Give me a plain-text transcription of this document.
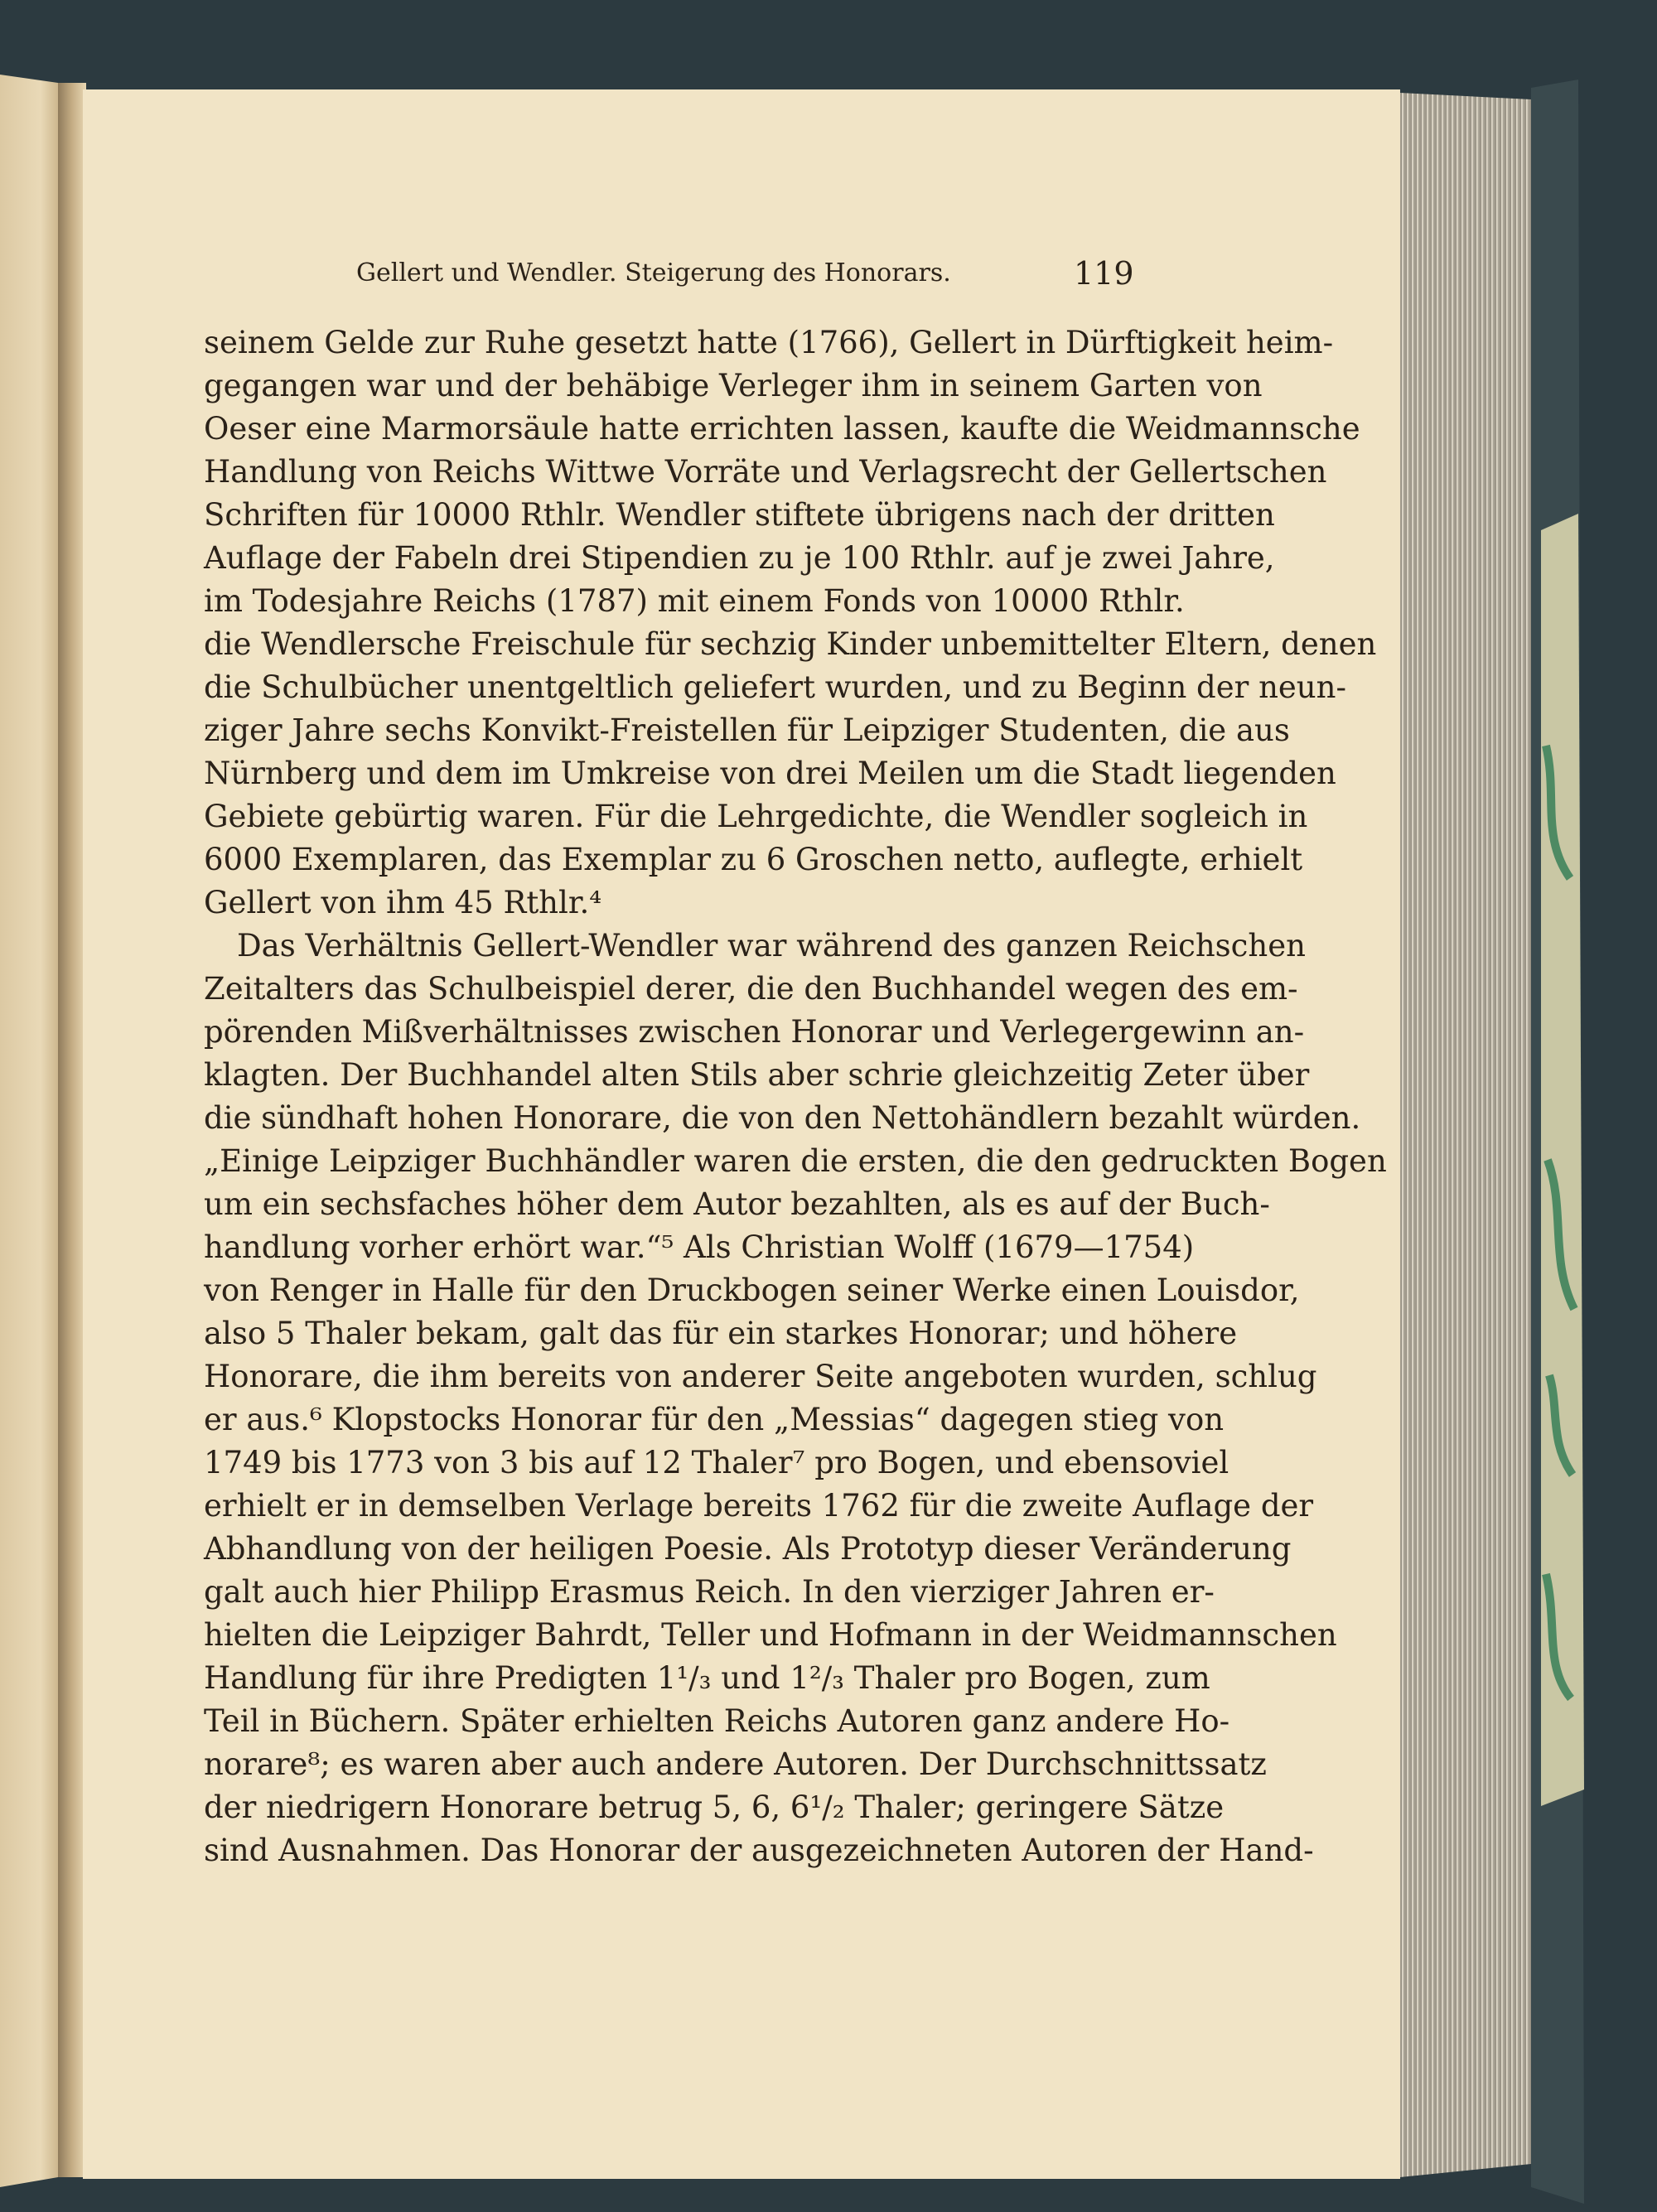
Gellert und Wendler. Steigerung des Honorars.	119
seinem Gelde zur Ruhe gesetzt hatte (1766), Gellert in Dürftigkeit heim-
gegangen war und der behäbige Verleger ihm in seinem Garten von
Oeser eine Marmorsäule hatte errichten lassen, kaufte die Weidmannsche
Handlung von Reichs Wittwe Vorräte und Verlagsrecht der Gellertschen
Schriften für 10000 Rthlr. Wendler stiftete übrigens nach der dritten
Auflage der Fabeln drei Stipendien zu je 100 Rthlr. auf je zwei Jahre,
im Todesjahre Reichs (1787) mit einem Fonds von 10000 Rthlr.
die Wendlersche Freischule für sechzig Kinder unbemittelter Eltern, denen
die Schulbücher unentgeltlich geliefert wurden, und zu Beginn der neun-
ziger Jahre sechs Konvikt-Freistellen für Leipziger Studenten, die aus
Nürnberg und dem im Umkreise von drei Meilen um die Stadt liegenden
Gebiete gebürtig waren. Für die Lehrgedichte, die Wendler sogleich in
6000 Exemplaren, das Exemplar zu 6 Groschen netto, auflegte, erhielt
Gellert von ihm 45 Rthlr.⁴
Das Verhältnis Gellert-Wendler war während des ganzen Reichschen
Zeitalters das Schulbeispiel derer, die den Buchhandel wegen des em-
pörenden Mißverhältnisses zwischen Honorar und Verlegergewinn an-
klagten. Der Buchhandel alten Stils aber schrie gleichzeitig Zeter über
die sündhaft hohen Honorare, die von den Nettohändlern bezahlt würden.
„Einige Leipziger Buchhändler waren die ersten, die den gedruckten Bogen
um ein sechsfaches höher dem Autor bezahlten, als es auf der Buch-
handlung vorher erhört war.“⁵ Als Christian Wolff (1679—1754)
von Renger in Halle für den Druckbogen seiner Werke einen Louisdor,
also 5 Thaler bekam, galt das für ein starkes Honorar; und höhere
Honorare, die ihm bereits von anderer Seite angeboten wurden, schlug
er aus.⁶ Klopstocks Honorar für den „Messias“ dagegen stieg von
1749 bis 1773 von 3 bis auf 12 Thaler⁷ pro Bogen, und ebensoviel
erhielt er in demselben Verlage bereits 1762 für die zweite Auflage der
Abhandlung von der heiligen Poesie. Als Prototyp dieser Veränderung
galt auch hier Philipp Erasmus Reich. In den vierziger Jahren er-
hielten die Leipziger Bahrdt, Teller und Hofmann in der Weidmannschen
Handlung für ihre Predigten 1¹/₃ und 1²/₃ Thaler pro Bogen, zum
Teil in Büchern. Später erhielten Reichs Autoren ganz andere Ho-
norare⁸; es waren aber auch andere Autoren. Der Durchschnittssatz
der niedrigern Honorare betrug 5, 6, 6¹/₂ Thaler; geringere Sätze
sind Ausnahmen. Das Honorar der ausgezeichneten Autoren der Hand-
